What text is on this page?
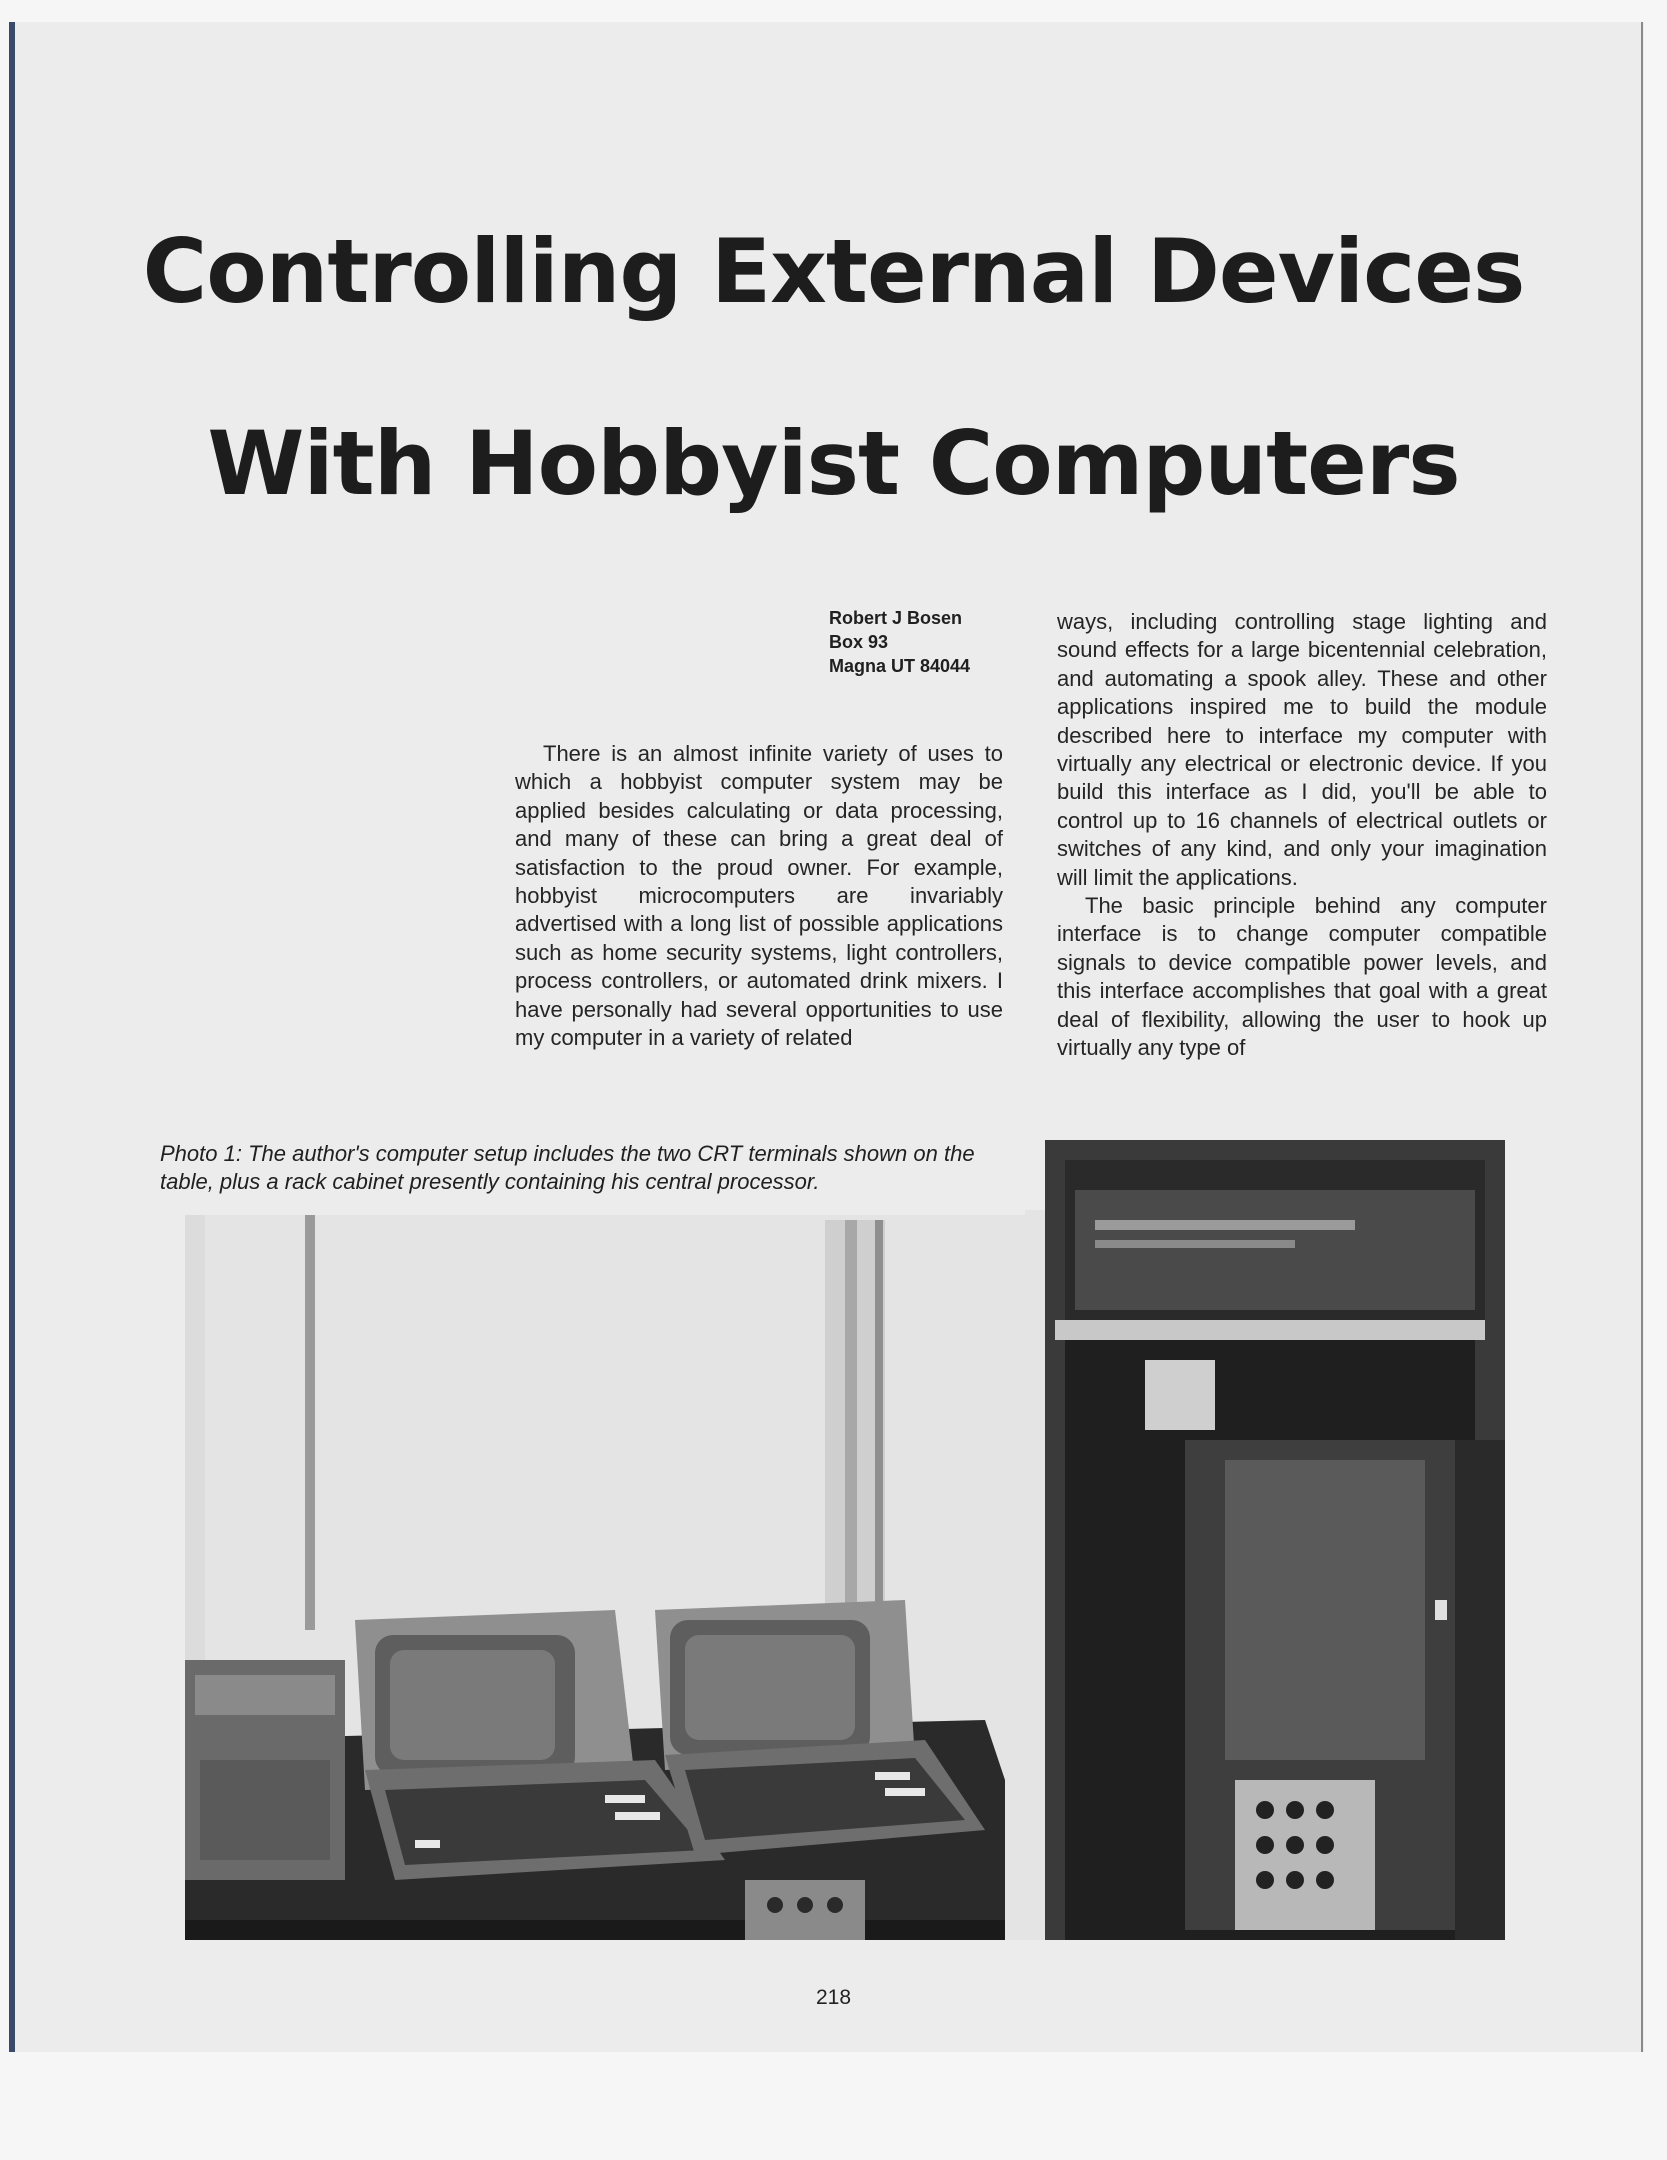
Controlling External Devices
With Hobbyist Computers
Robert J Bosen
Box 93
Magna UT 84044

There is an almost infinite variety of uses to which a hobbyist computer system may be applied besides calculating or data processing, and many of these can bring a great deal of satisfaction to the proud owner. For example, hobbyist microcomputers are invariably advertised with a long list of possible applications such as home security systems, light controllers, process controllers, or automated drink mixers. I have personally had several opportunities to use my computer in a variety of related

ways, including controlling stage lighting and sound effects for a large bicentennial celebration, and automating a spook alley. These and other applications inspired me to build the module described here to interface my computer with virtually any electrical or electronic device. If you build this interface as I did, you'll be able to control up to 16 channels of electrical outlets or switches of any kind, and only your imagination will limit the applications.

The basic principle behind any computer interface is to change computer compatible signals to device compatible power levels, and this interface accomplishes that goal with a great deal of flexibility, allowing the user to hook up virtually any type of

Photo 1: The author's computer setup includes the two CRT terminals shown on the table, plus a rack cabinet presently containing his central processor.
218
